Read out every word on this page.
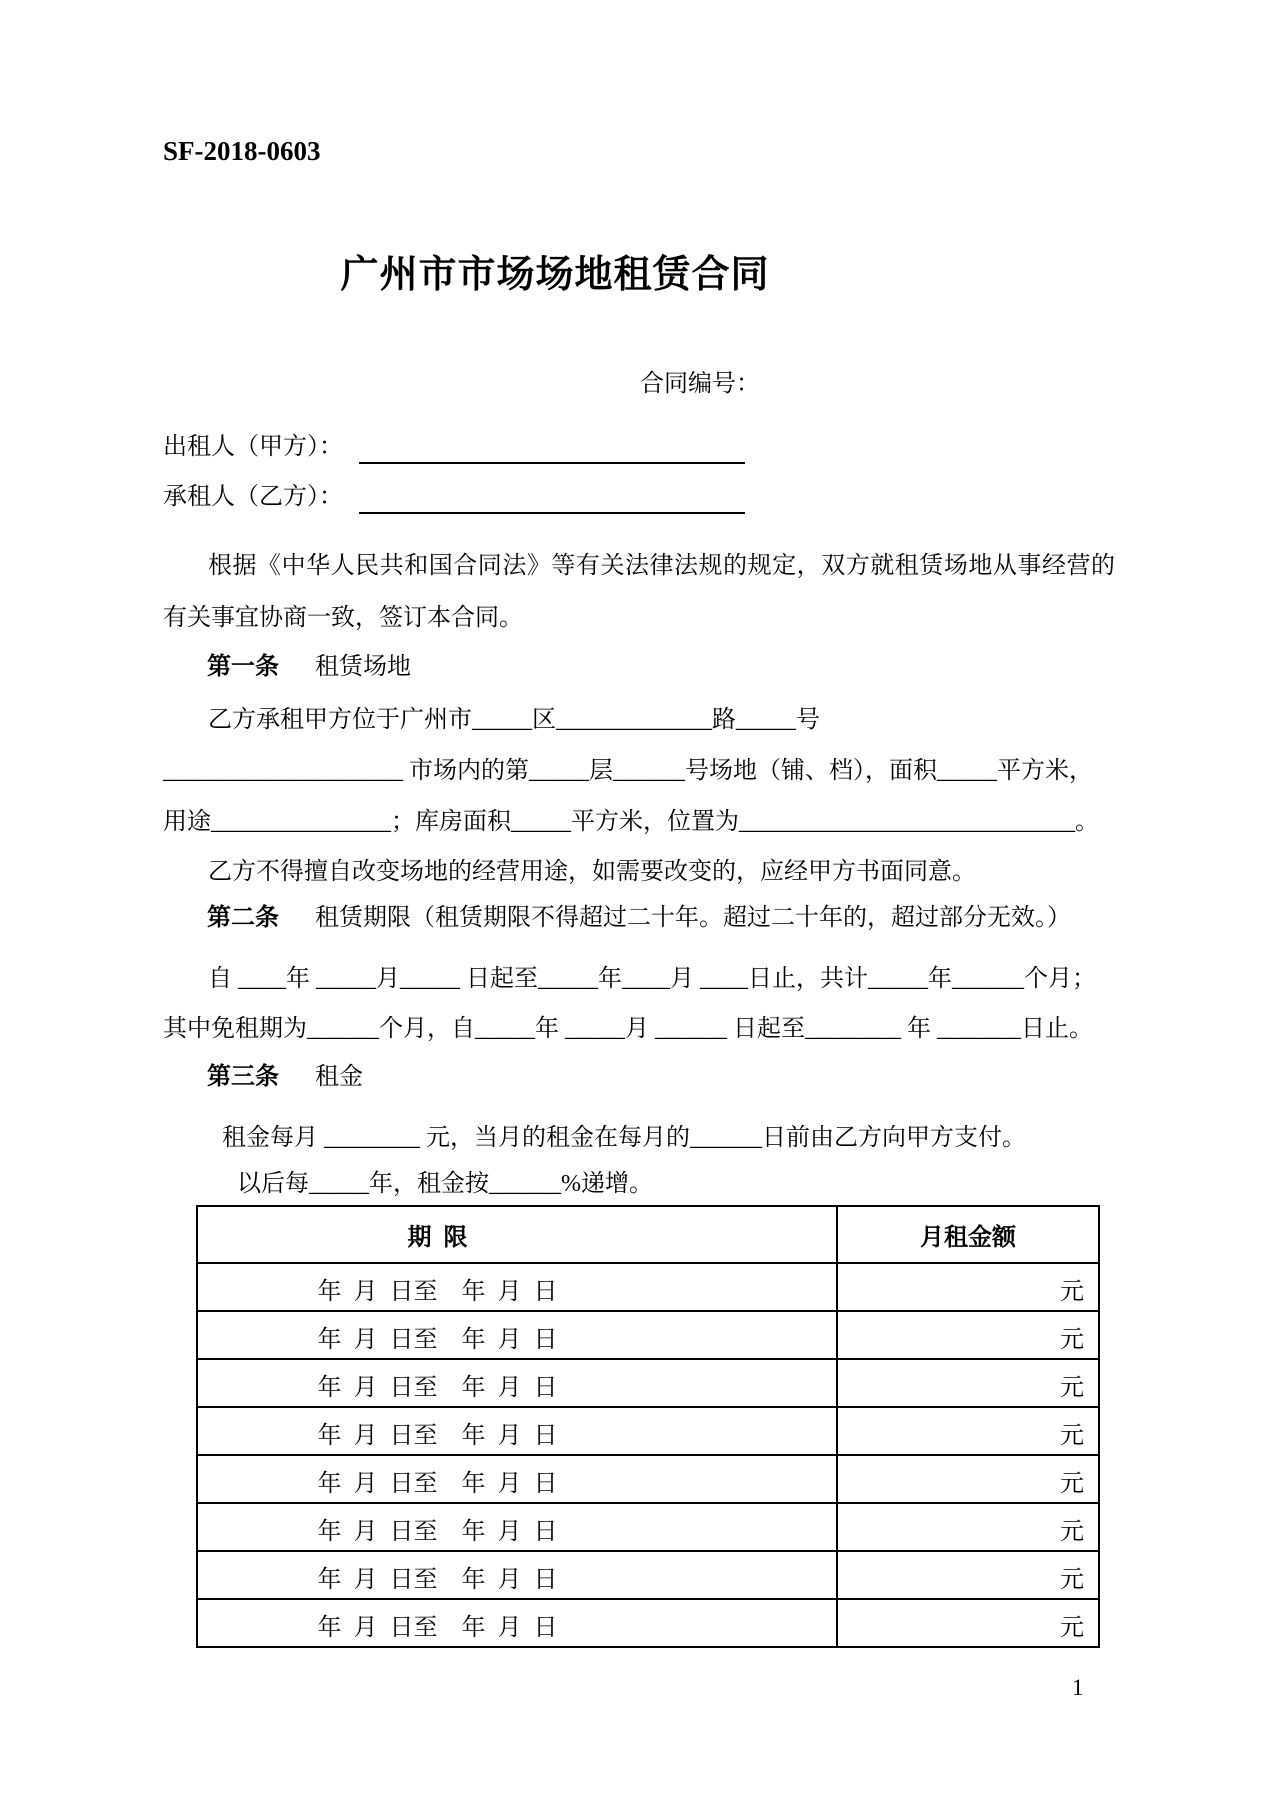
SF-2018-0603
广州市市场场地租赁合同
合同编号：
出租人（甲方）：
承租人（乙方）：

根据《中华人民共和国合同法》等有关法律法规的规定，双方就租赁场地从事经营的有关事宜协商一致，签订本合同。

第一条 租赁场地

乙方承租甲方位于广州市_____区_____________路_____号

____________________ 市场内的第_____层______号场地（铺、档），面积_____平方米，

用途_______________；库房面积_____平方米，位置为____________________________。

乙方不得擅自改变场地的经营用途，如需要改变的，应经甲方书面同意。

第二条 租赁期限（租赁期限不得超过二十年。超过二十年的，超过部分无效。）

自 ____年 _____月_____ 日起至_____年____月 ____日止，共计_____年______个月；

其中免租期为______个月，自_____年 _____月 ______ 日起至________ 年 _______日止。

第三条 租金

租金每月 ________ 元，当月的租金在每月的______日前由乙方向甲方支付。

以后每_____年，租金按______%递增。

期  限	月租金额
年  月  日至    年  月  日	元
年  月  日至    年  月  日	元
年  月  日至    年  月  日	元
年  月  日至    年  月  日	元
年  月  日至    年  月  日	元
年  月  日至    年  月  日	元
年  月  日至    年  月  日	元
年  月  日至    年  月  日	元
1
